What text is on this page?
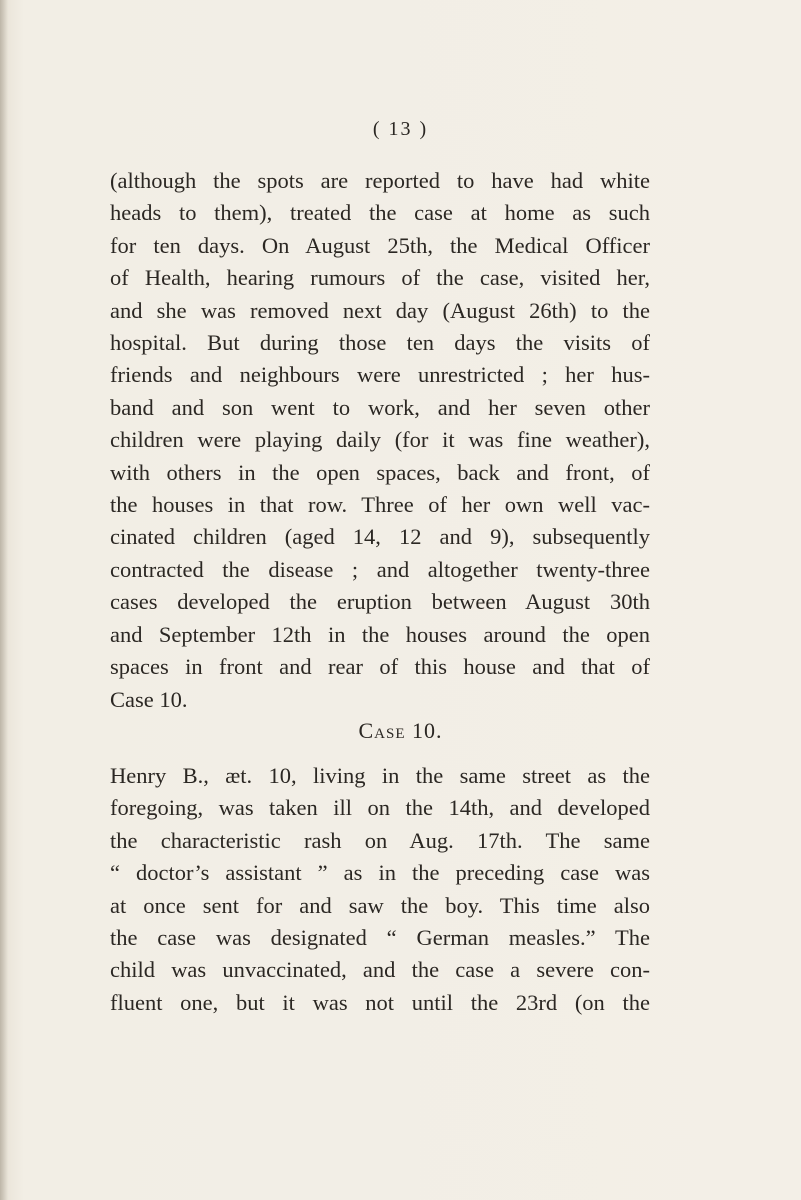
( 13 )
(although the spots are reported to have had white
heads to them), treated the case at home as such
for ten days. On August 25th, the Medical Officer
of Health, hearing rumours of the case, visited her,
and she was removed next day (August 26th) to the
hospital. But during those ten days the visits of
friends and neighbours were unrestricted ; her hus-
band and son went to work, and her seven other
children were playing daily (for it was fine weather),
with others in the open spaces, back and front, of
the houses in that row. Three of her own well vac-
cinated children (aged 14, 12 and 9), subsequently
contracted the disease ; and altogether twenty-three
cases developed the eruption between August 30th
and September 12th in the houses around the open
spaces in front and rear of this house and that of
Case 10.
Case 10.
Henry B., æt. 10, living in the same street as the
foregoing, was taken ill on the 14th, and developed
the characteristic rash on Aug. 17th. The same
“ doctor’s assistant ” as in the preceding case was
at once sent for and saw the boy. This time also
the case was designated “ German measles.” The
child was unvaccinated, and the case a severe con-
fluent one, but it was not until the 23rd (on the
